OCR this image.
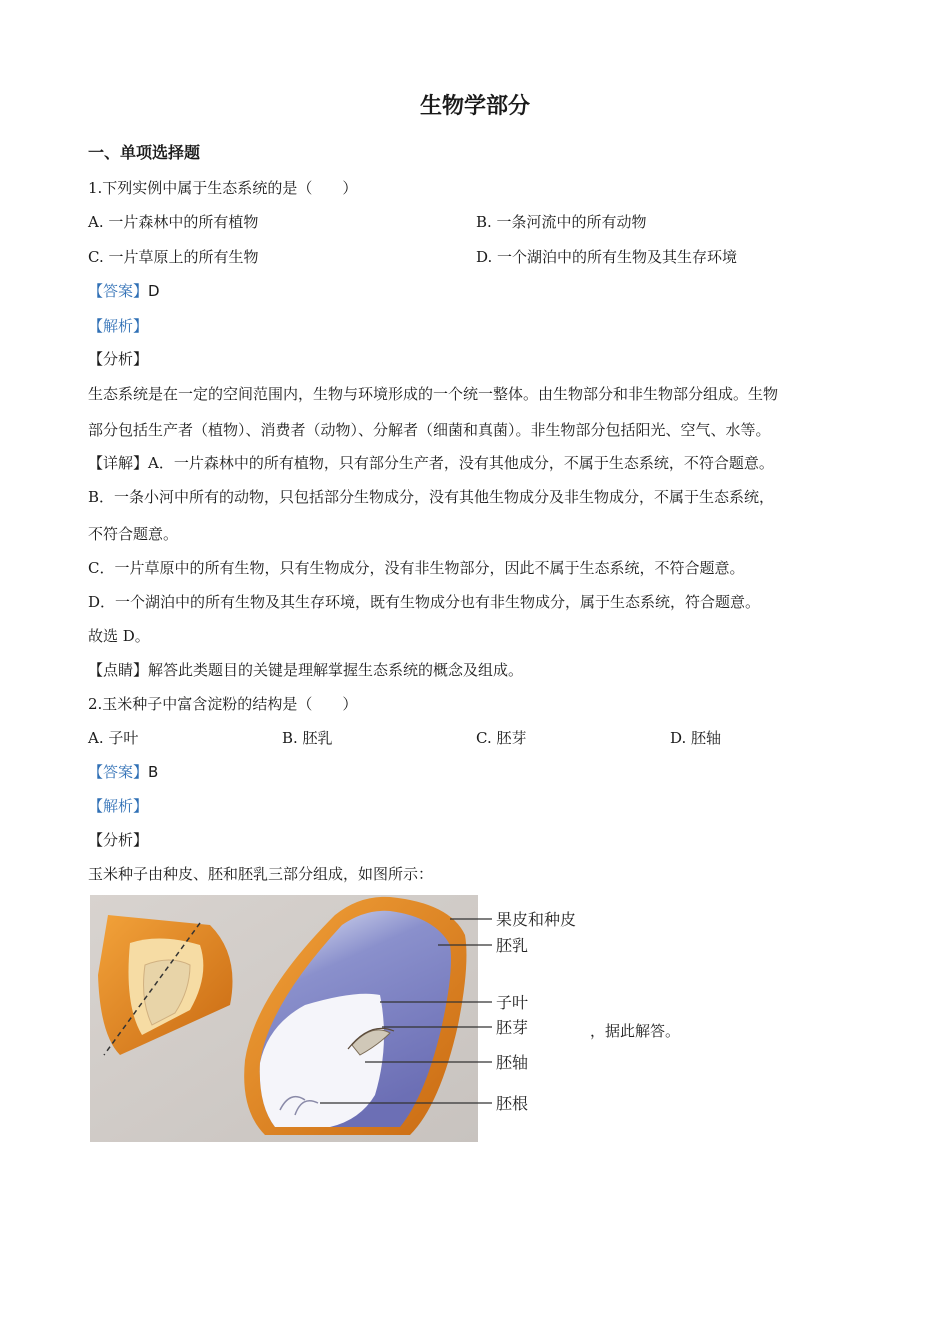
生物学部分
一、单项选择题
1.下列实例中属于生态系统的是（　　）
A. 一片森林中的所有植物	B. 一条河流中的所有动物
C. 一片草原上的所有生物	D. 一个湖泊中的所有生物及其生存环境
【答案】D
【解析】
【分析】
生态系统是在一定的空间范围内，生物与环境形成的一个统一整体。由生物部分和非生物部分组成。生物
部分包括生产者（植物）、消费者（动物）、分解者（细菌和真菌）。非生物部分包括阳光、空气、水等。
【详解】A．一片森林中的所有植物，只有部分生产者，没有其他成分，不属于生态系统，不符合题意。
B．一条小河中所有的动物，只包括部分生物成分，没有其他生物成分及非生物成分，不属于生态系统，
不符合题意。
C．一片草原中的所有生物，只有生物成分，没有非生物部分，因此不属于生态系统，不符合题意。
D．一个湖泊中的所有生物及其生存环境，既有生物成分也有非生物成分，属于生态系统，符合题意。
故选 D。
【点睛】解答此类题目的关键是理解掌握生态系统的概念及组成。
2.玉米种子中富含淀粉的结构是（　　）
A. 子叶	B. 胚乳	C. 胚芽	D. 胚轴
【答案】B
【解析】
【分析】
玉米种子由种皮、胚和胚乳三部分组成，如图所示：
果皮和种皮
胚乳
子叶
胚芽
胚轴
胚根
，据此解答。
